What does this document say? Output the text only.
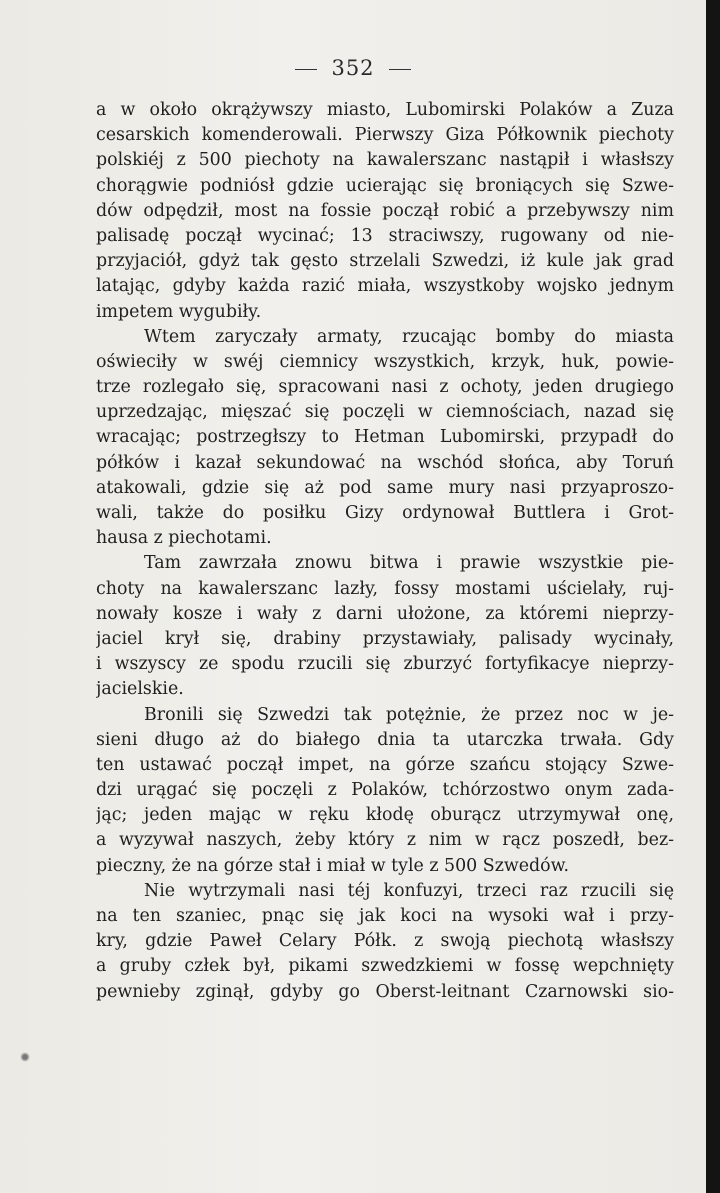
352
a w około okrążywszy miasto, Lubomirski Polaków a Zuza
cesarskich komenderowali. Pierwszy Giza Półkownik piechoty
polskiéj z 500 piechoty na kawalerszanc nastąpił i własłszy
chorągwie podniósł gdzie ucierając się broniących się Szwe-
dów odpędził, most na fossie począł robić a przebywszy nim
palisadę począł wycinać; 13 straciwszy, rugowany od nie-
przyjaciół, gdyż tak gęsto strzelali Szwedzi, iż kule jak grad
latając, gdyby każda razić miała, wszystkoby wojsko jednym
impetem wygubiły.
Wtem zaryczały armaty, rzucając bomby do miasta
oświeciły w swéj ciemnicy wszystkich, krzyk, huk, powie-
trze rozlegało się, spracowani nasi z ochoty, jeden drugiego
uprzedzając, mięszać się poczęli w ciemnościach, nazad się
wracając; postrzegłszy to Hetman Lubomirski, przypadł do
półków i kazał sekundować na wschód słońca, aby Toruń
atakowali, gdzie się aż pod same mury nasi przyaproszo-
wali, także do posiłku Gizy ordynował Buttlera i Grot-
hausa z piechotami.
Tam zawrzała znowu bitwa i prawie wszystkie pie-
choty na kawalerszanc lazły, fossy mostami uścielały, ruj-
nowały kosze i wały z darni ułożone, za któremi nieprzy-
jaciel krył się, drabiny przystawiały, palisady wycinały,
i wszyscy ze spodu rzucili się zburzyć fortyfikacye nieprzy-
jacielskie.
Bronili się Szwedzi tak potężnie, że przez noc w je-
sieni długo aż do białego dnia ta utarczka trwała. Gdy
ten ustawać począł impet, na górze szańcu stojący Szwe-
dzi urągać się poczęli z Polaków, tchórzostwo onym zada-
jąc; jeden mając w ręku kłodę oburącz utrzymywał onę,
a wyzywał naszych, żeby który z nim w rącz poszedł, bez-
pieczny, że na górze stał i miał w tyle z 500 Szwedów.
Nie wytrzymali nasi téj konfuzyi, trzeci raz rzucili się
na ten szaniec, pnąc się jak koci na wysoki wał i przy-
kry, gdzie Paweł Celary Półk. z swoją piechotą własłszy
a gruby człek był, pikami szwedzkiemi w fossę wepchnięty
pewnieby zginął, gdyby go Oberst-leitnant Czarnowski sio-
